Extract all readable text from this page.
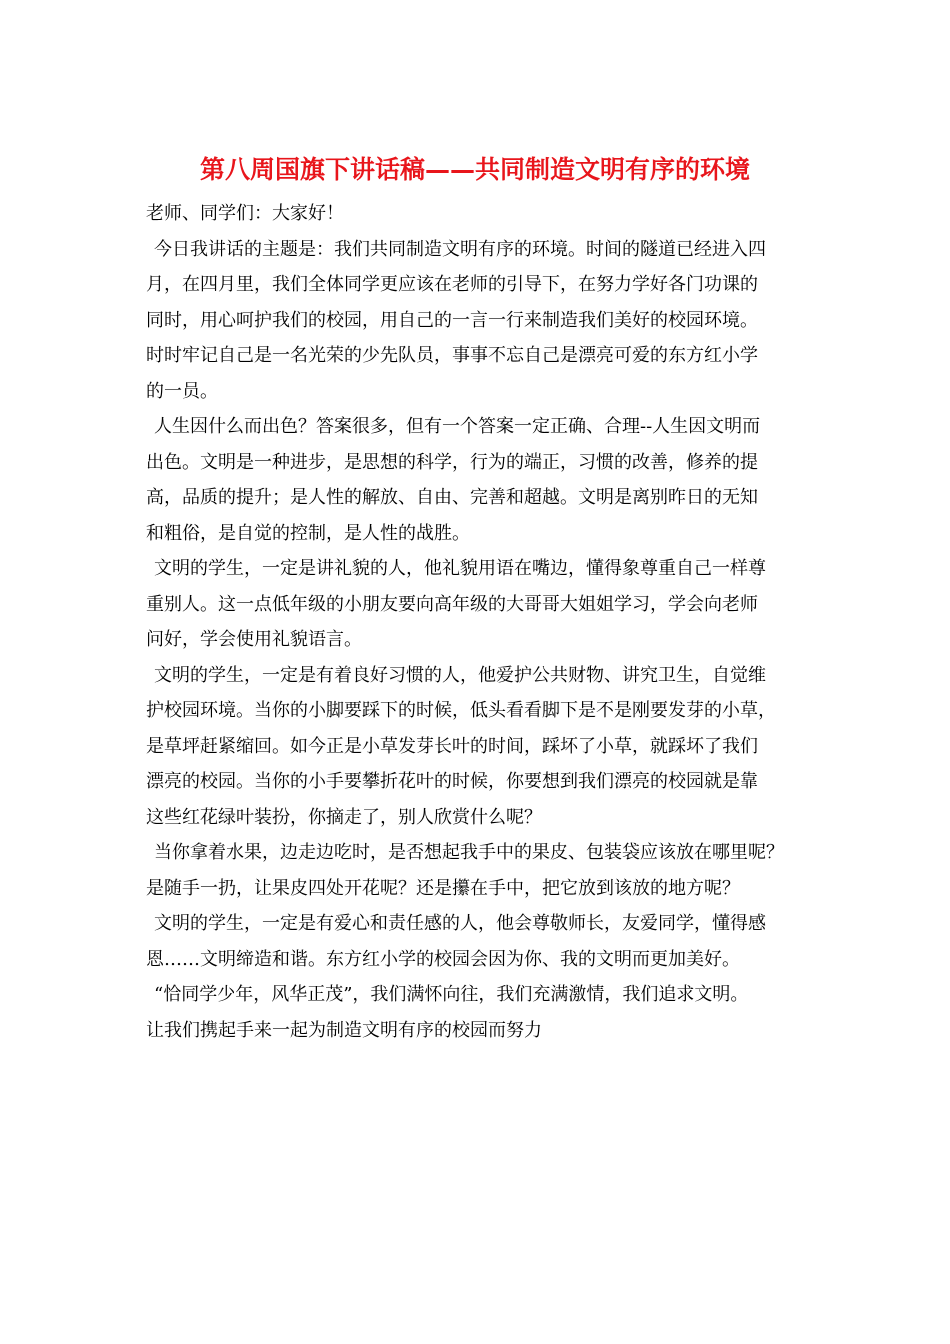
第八周国旗下讲话稿——共同制造文明有序的环境
老师、同学们：大家好！
今日我讲话的主题是：我们共同制造文明有序的环境。时间的隧道已经进入四
月，在四月里，我们全体同学更应该在老师的引导下，在努力学好各门功课的
同时，用心呵护我们的校园，用自己的一言一行来制造我们美好的校园环境。
时时牢记自己是一名光荣的少先队员，事事不忘自己是漂亮可爱的东方红小学
的一员。
人生因什么而出色？答案很多，但有一个答案一定正确、合理--人生因文明而
出色。文明是一种进步，是思想的科学，行为的端正，习惯的改善，修养的提
高，品质的提升；是人性的解放、自由、完善和超越。文明是离别昨日的无知
和粗俗，是自觉的控制，是人性的战胜。
文明的学生，一定是讲礼貌的人，他礼貌用语在嘴边，懂得象尊重自己一样尊
重别人。这一点低年级的小朋友要向高年级的大哥哥大姐姐学习，学会向老师
问好，学会使用礼貌语言。
文明的学生，一定是有着良好习惯的人，他爱护公共财物、讲究卫生，自觉维
护校园环境。当你的小脚要踩下的时候，低头看看脚下是不是刚要发芽的小草，
是草坪赶紧缩回。如今正是小草发芽长叶的时间，踩坏了小草，就踩坏了我们
漂亮的校园。当你的小手要攀折花叶的时候，你要想到我们漂亮的校园就是靠
这些红花绿叶装扮，你摘走了，别人欣赏什么呢？
当你拿着水果，边走边吃时，是否想起我手中的果皮、包装袋应该放在哪里呢？
是随手一扔，让果皮四处开花呢？还是攥在手中，把它放到该放的地方呢？
文明的学生，一定是有爱心和责任感的人，他会尊敬师长，友爱同学，懂得感
恩……文明缔造和谐。东方红小学的校园会因为你、我的文明而更加美好。
“恰同学少年，风华正茂”，我们满怀向往，我们充满激情，我们追求文明。
让我们携起手来一起为制造文明有序的校园而努力
